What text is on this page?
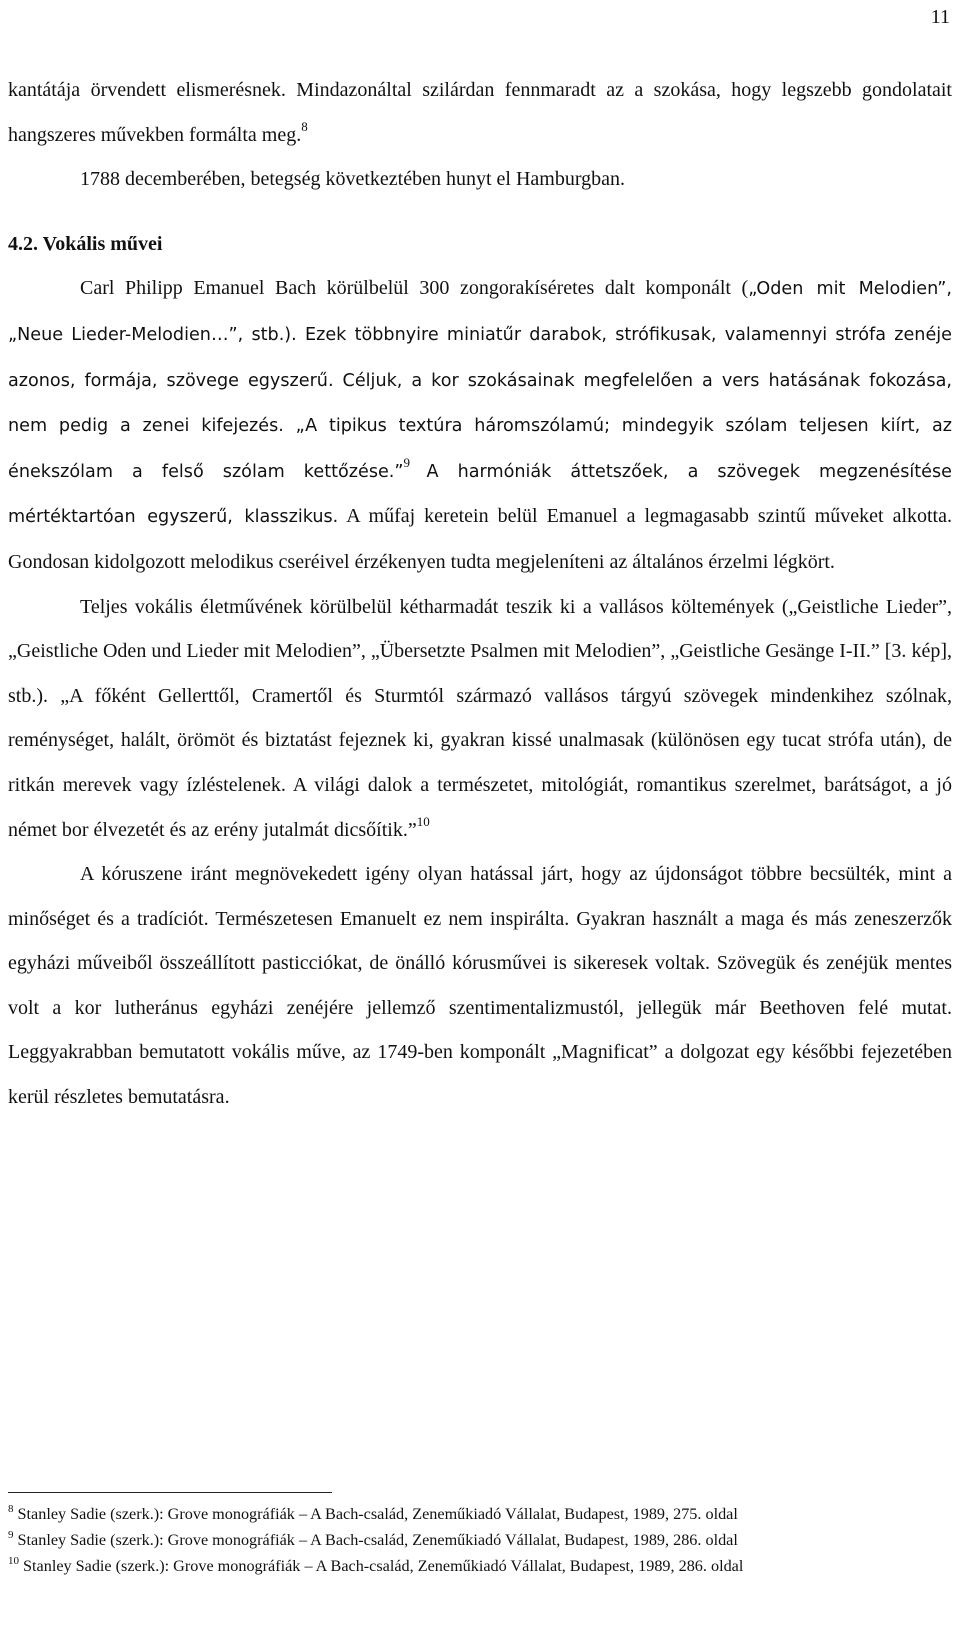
11

kantátája örvendett elismerésnek. Mindazonáltal szilárdan fennmaradt az a szokása, hogy legszebb gondolatait hangszeres művekben formálta meg.$^8$

1788 decemberében, betegség következtében hunyt el Hamburgban.

4.2. Vokális művei

Carl Philipp Emanuel Bach körülbelül 300 zongorakíséretes dalt komponált („Oden mit Melodien”, „Neue Lieder-Melodien…”, stb.). Ezek többnyire miniatűr darabok, strófikusak, valamennyi strófa zenéje azonos, formája, szövege egyszerű. Céljuk, a kor szokásainak megfelelően a vers hatásának fokozása, nem pedig a zenei kifejezés. „A tipikus textúra háromszólamú; mindegyik szólam teljesen kiírt, az énekszólam a felső szólam kettőzése.”$^9$ A harmóniák áttetszőek, a szövegek megzenésítése mértéktartóan egyszerű, klasszikus. A műfaj keretein belül Emanuel a legmagasabb szintű műveket alkotta. Gondosan kidolgozott melodikus cseréivel érzékenyen tudta megjeleníteni az általános érzelmi légkört.

Teljes vokális életművének körülbelül kétharmadát teszik ki a vallásos költemények („Geistliche Lieder”, „Geistliche Oden und Lieder mit Melodien”, „Übersetzte Psalmen mit Melodien”, „Geistliche Gesänge I-II.” [3. kép], stb.). „A főként Gellerttől, Cramertől és Sturmtól származó vallásos tárgyú szövegek mindenkihez szólnak, reménységet, halált, örömöt és biztatást fejeznek ki, gyakran kissé unalmasak (különösen egy tucat strófa után), de ritkán merevek vagy ízléstelenek. A világi dalok a természetet, mitológiát, romantikus szerelmet, barátságot, a jó német bor élvezetét és az erény jutalmát dicsőítik.”$^{10}$

A kóruszene iránt megnövekedett igény olyan hatással járt, hogy az újdonságot többre becsülték, mint a minőséget és a tradíciót. Természetesen Emanuelt ez nem inspirálta. Gyakran használt a maga és más zeneszerzők egyházi műveiből összeállított pasticciókat, de önálló kórusművei is sikeresek voltak. Szövegük és zenéjük mentes volt a kor lutheránus egyházi zenéjére jellemző szentimentalizmustól, jellegük már Beethoven felé mutat. Leggyakrabban bemutatott vokális műve, az 1749-ben komponált „Magnificat” a dolgozat egy későbbi fejezetében kerül részletes bemutatásra.

$^8$ Stanley Sadie (szerk.): Grove monográfiák – A Bach-család, Zeneműkiadó Vállalat, Budapest, 1989, 275. oldal

$^9$ Stanley Sadie (szerk.): Grove monográfiák – A Bach-család, Zeneműkiadó Vállalat, Budapest, 1989, 286. oldal

$^{10}$ Stanley Sadie (szerk.): Grove monográfiák – A Bach-család, Zeneműkiadó Vállalat, Budapest, 1989, 286. oldal
